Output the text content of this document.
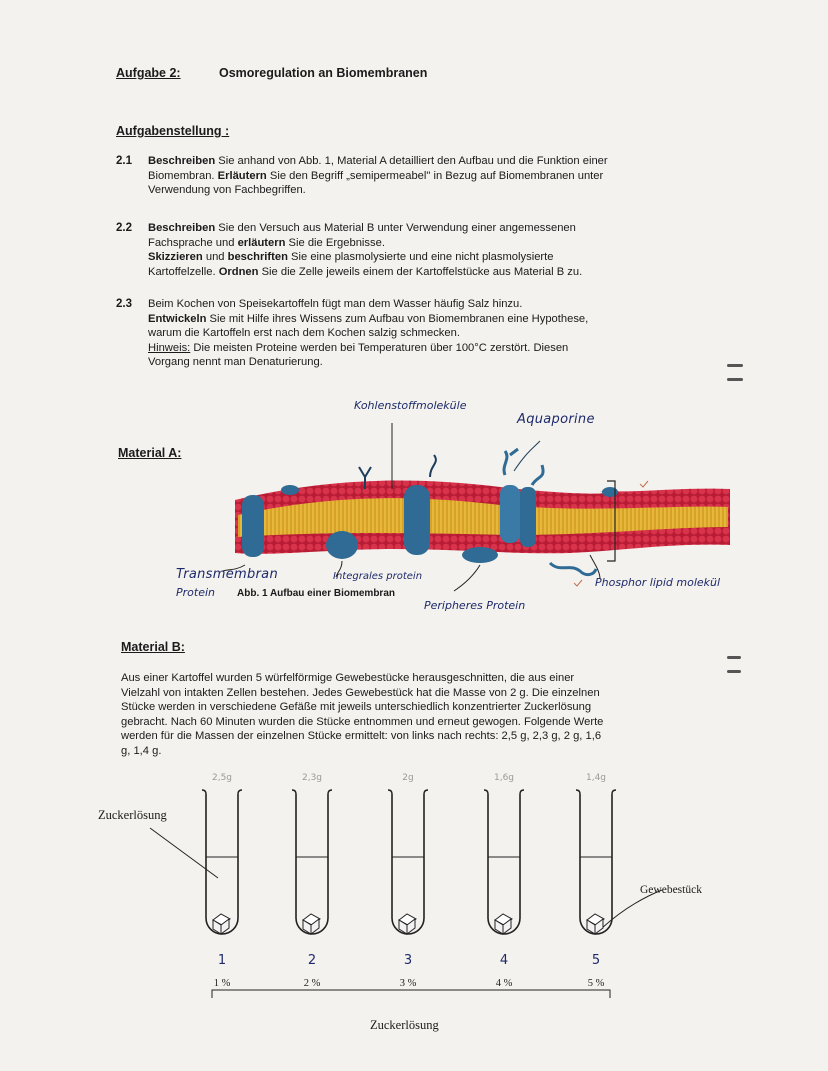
Aufgabe 2:	Osmoregulation an Biomembranen
Aufgabenstellung :
2.1 Beschreiben Sie anhand von Abb. 1, Material A detailliert den Aufbau und die Funktion einer

Biomembran. Erläutern Sie den Begriff „semipermeabel" in Bezug auf Biomembranen unter

Verwendung von Fachbegriffen.

2.2 Beschreiben Sie den Versuch aus Material B unter Verwendung einer angemessenen

Fachsprache und erläutern Sie die Ergebnisse.

Skizzieren und beschriften Sie eine plasmolysierte und eine nicht plasmolysierte

Kartoffelzelle. Ordnen Sie die Zelle jeweils einem der Kartoffelstücke aus Material B zu.

2.3 Beim Kochen von Speisekartoffeln fügt man dem Wasser häufig Salz hinzu.

Entwickeln Sie mit Hilfe ihres Wissens zum Aufbau von Biomembranen eine Hypothese,

warum die Kartoffeln erst nach dem Kochen salzig schmecken.

Hinweis: Die meisten Proteine werden bei Temperaturen über 100°C zerstört. Diesen

Vorgang nennt man Denaturierung.

Material A:
Kohlenstoffmoleküle
Aquaporine
Transmembran
Protein
Integrales protein
Peripheres Protein
Phosphor lipid molekül
Abb. 1 Aufbau einer Biomembran
Material B:
Aus einer Kartoffel wurden 5 würfelförmige Gewebestücke herausgeschnitten, die aus einer
Vielzahl von intakten Zellen bestehen. Jedes Gewebestück hat die Masse von 2 g. Die einzelnen
Stücke werden in verschiedene Gefäße mit jeweils unterschiedlich konzentrierter Zuckerlösung
gebracht. Nach 60 Minuten wurden die Stücke entnommen und erneut gewogen. Folgende Werte
werden für die Massen der einzelnen Stücke ermittelt: von links nach rechts: 2,5 g, 2,3 g, 2 g, 1,6
g, 1,4 g.
Zuckerlösung
Gewebestück
Zuckerlösung
2,5g
1
1 %
2,3g
2
2 %
2g
3
3 %
1,6g
4
4 %
1,4g
5
5 %
